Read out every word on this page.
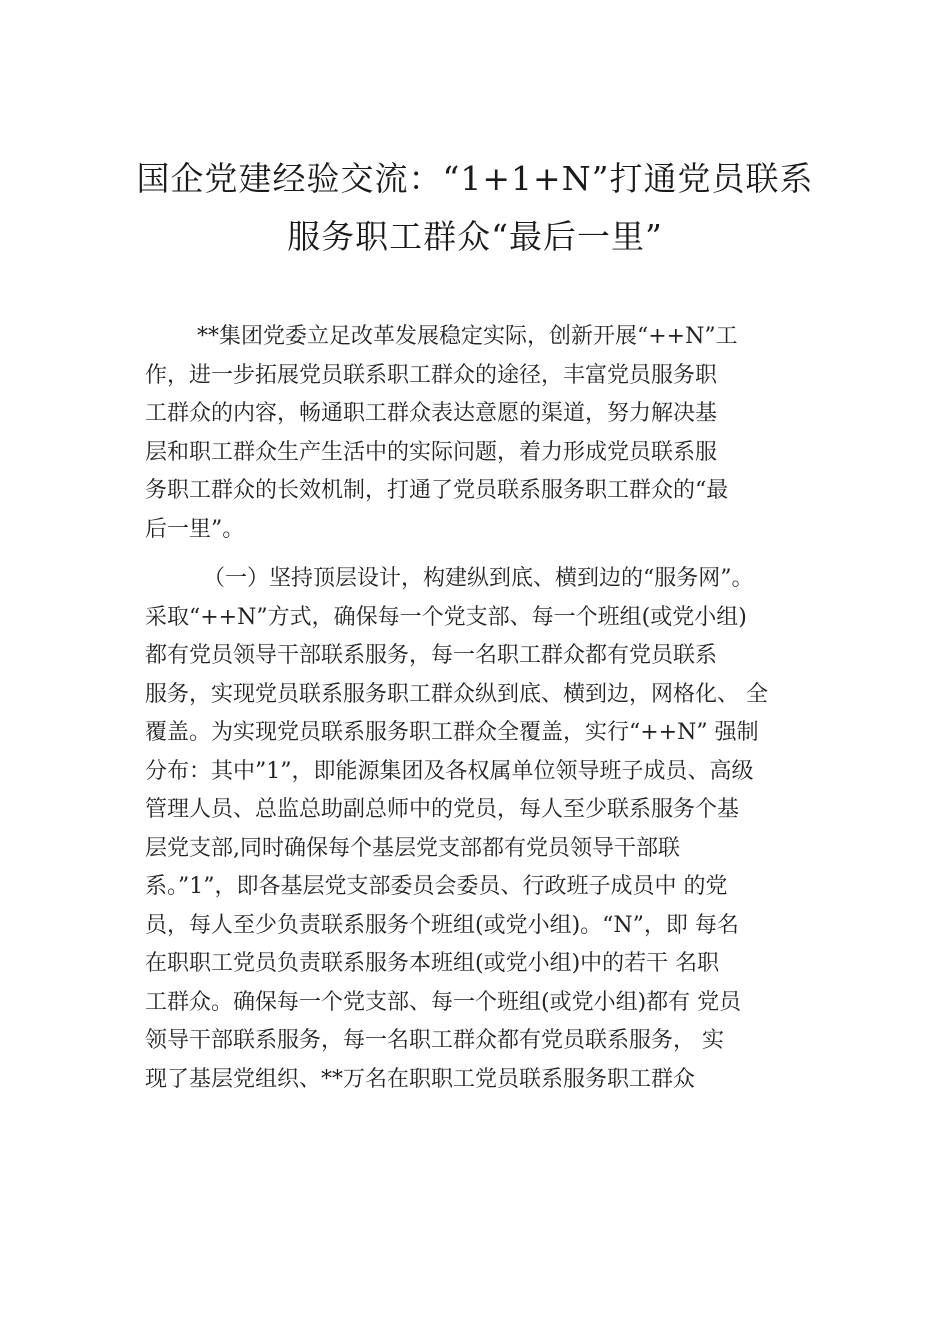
国企党建经验交流：“1+1+N”打通党员联系
服务职工群众“最后一里”
**集团党委立足改革发展稳定实际，创新开展“++N”工
作，进一步拓展党员联系职工群众的途径，丰富党员服务职
工群众的内容，畅通职工群众表达意愿的渠道，努力解决基
层和职工群众生产生活中的实际问题，着力形成党员联系服
务职工群众的长效机制，打通了党员联系服务职工群众的“最
后一里”。
（一）坚持顶层设计，构建纵到底、横到边的“服务网”。
采取“++N”方式，确保每一个党支部、每一个班组(或党小组)
都有党员领导干部联系服务，每一名职工群众都有党员联系
服务，实现党员联系服务职工群众纵到底、横到边，网格化、 全
覆盖。为实现党员联系服务职工群众全覆盖，实行“++N” 强制
分布：其中”1”，即能源集团及各权属单位领导班子成员、高级
管理人员、总监总助副总师中的党员，每人至少联系服务个基
层党支部,同时确保每个基层党支部都有党员领导干部联
系。”1”，即各基层党支部委员会委员、行政班子成员中 的党
员，每人至少负责联系服务个班组(或党小组)。“N”，即 每名
在职职工党员负责联系服务本班组(或党小组)中的若干 名职
工群众。确保每一个党支部、每一个班组(或党小组)都有 党员
领导干部联系服务，每一名职工群众都有党员联系服务， 实
现了基层党组织、**万名在职职工党员联系服务职工群众
